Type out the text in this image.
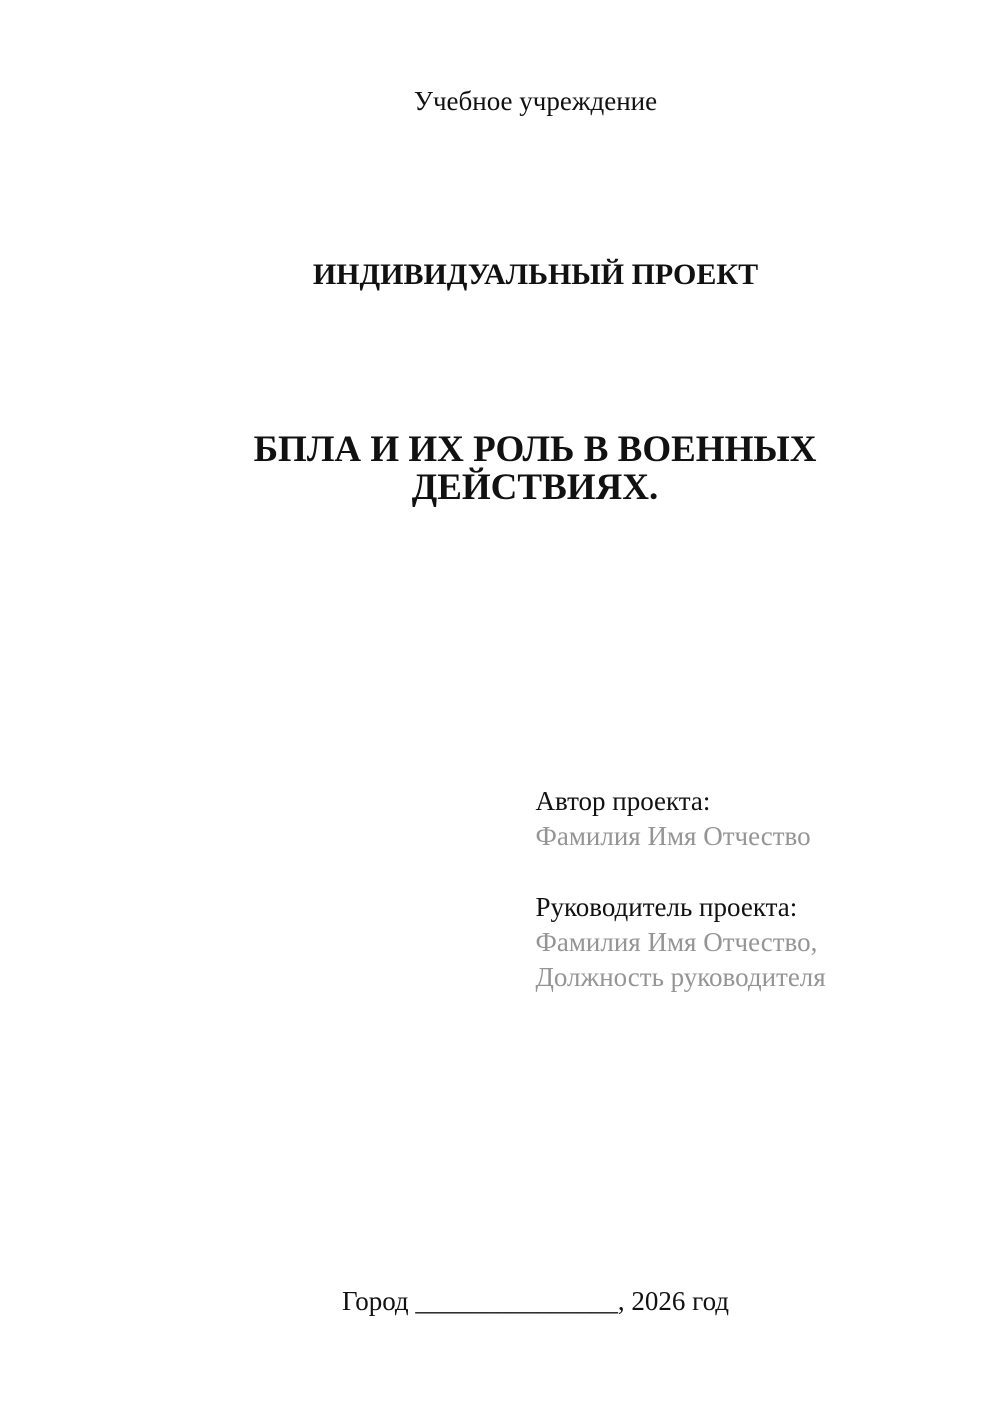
Учебное учреждение
ИНДИВИДУАЛЬНЫЙ ПРОЕКТ
БПЛА И ИХ РОЛЬ В ВОЕННЫХ ДЕЙСТВИЯХ.
Автор проекта:
Фамилия Имя Отчество
Руководитель проекта:
Фамилия Имя Отчество,
Должность руководителя
Город _______________, 2026 год
